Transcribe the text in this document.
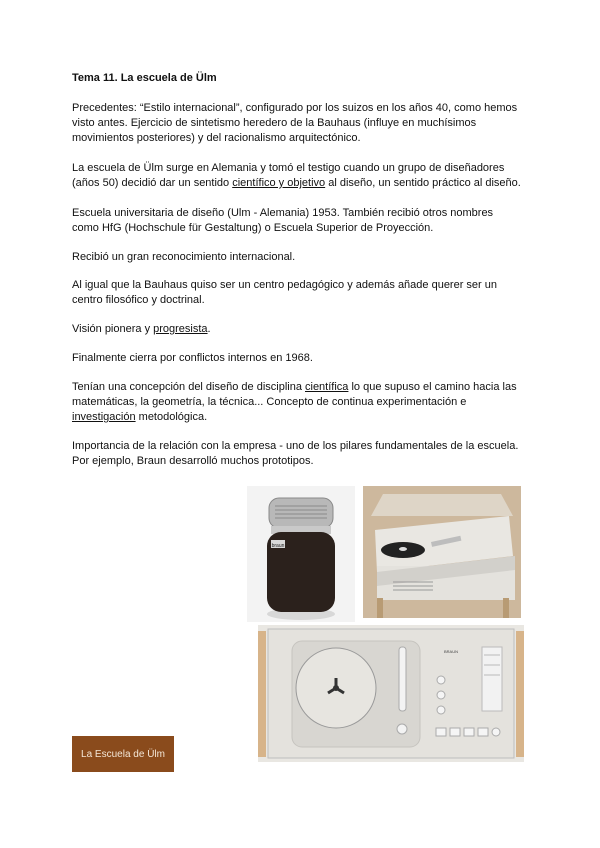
Tema 11. La escuela de Ülm
Precedentes: “Estilo internacional”, configurado por los suizos en los años 40, como hemos
visto antes. Ejercicio de sintetismo heredero de la Bauhaus (influye en muchísimos
movimientos posteriores) y del racionalismo arquitectónico.
La escuela de Ülm surge en Alemania y tomó el testigo cuando un grupo de diseñadores
(años 50) decidió dar un sentido científico y objetivo al diseño, un sentido práctico al diseño.
Escuela universitaria de diseño (Ulm - Alemania) 1953. También recibió otros nombres
como HfG (Hochschule für Gestaltung) o Escuela Superior de Proyección.
Recibió un gran reconocimiento internacional.
Al igual que la Bauhaus quiso ser un centro pedagógico y además añade querer ser un
centro filosófico y doctrinal.
Visión pionera y progresista.
Finalmente cierra por conflictos internos en 1968.
Tenían una concepción del diseño de disciplina científica lo que supuso el camino hacia las
matemáticas, la geometría, la técnica... Concepto de continua experimentación e
investigación metodológica.
Importancia de la relación con la empresa - uno de los pilares fundamentales de la escuela.
Por ejemplo, Braun desarrolló muchos prototipos.
braun
BRAUN
La Escuela de Ülm
